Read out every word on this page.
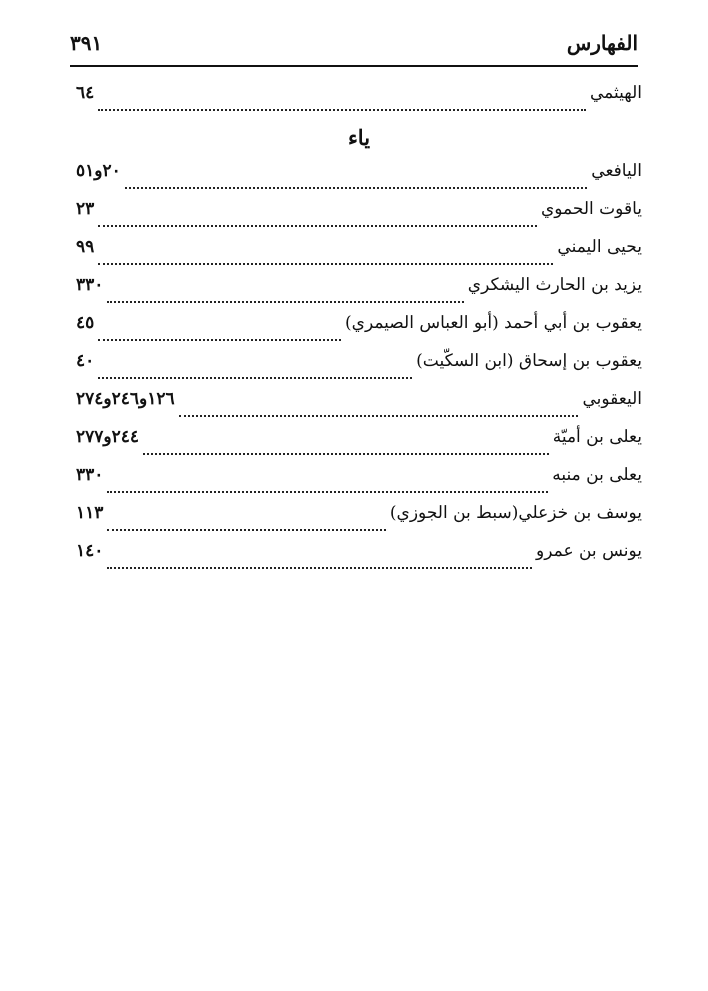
الفهارس
٣٩١
الهيثمي
٦٤
ياء
اليافعي
٢٠و٥١
ياقوت الحموي
٢٣
يحيى اليمني
٩٩
يزيد بن الحارث اليشكري
٣٣٠
يعقوب بن أبي أحمد (أبو العباس الصيمري)
٤٥
يعقوب بن إسحاق (ابن السكّيت)
٤٠
اليعقوبي
١٢٦و٢٤٦و٢٧٤
يعلى بن أميّة
٢٤٤و٢٧٧
يعلى بن منبه
٣٣٠
يوسف بن خزعلي(سبط بن الجوزي)
١١٣
يونس بن عمرو
١٤٠
